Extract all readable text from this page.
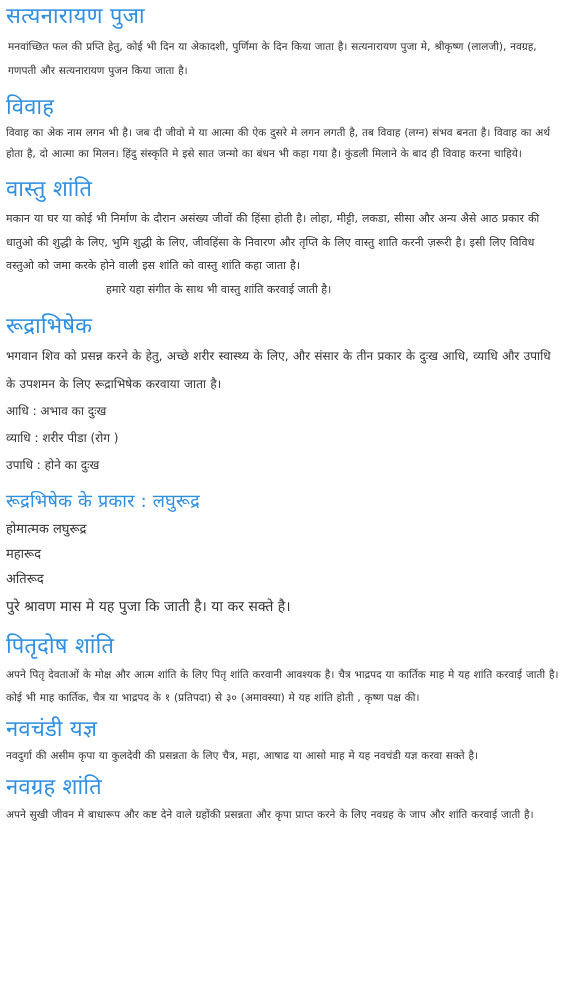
सत्यनारायण पुजा

मनवांच्छित फल की प्रप्ति हेतु, कोई भी दिन या अेकादशी, पुर्णिमा के दिन किया जाता है। सत्यनारायण पुजा मे, श्रीकृष्ण (लालजी), नवग्रह, गणपती और सत्यनारायण पुजन किया जाता है।

विवाह

विवाह का अेक नाम लगन भी है। जब दी जीवो मे या आत्मा की ऐक दुसरे मे लगन लगती है, तब विवाह (लग्न) संभव बनता है। विवाह का अर्थ होता है, दो आत्मा का मिलन। हिंदु संस्कृति मे इसे सात जन्मो का बंधन भी कहा गया है। कुंडली मिलाने के बाद ही विवाह करना चाहिये।

वास्तु शांति

मकान या घर या कोई भी निर्माण के दौरान असंख्य जीवों की हिंसा होती है। लोहा, मीट्टी, लकडा, सीसा और अन्य अैसे आठ प्रकार की धातुओ की शुद्धी के लिए, भुमि शुद्धी के लिए, जीवहिंसा के निवारण और तृप्ति के लिए वास्तु शाति करनी ज़रूरी है। इसी लिए विविध वस्तुओ को जमा करके होने वाली इस शांति को वास्तु शांति कहा जाता है।

हमारे यहा संगीत के साथ भी वास्तु शांति करवाई जाती है।

रूद्राभिषेक

भगवान शिव को प्रसन्न करने के हेतु, अच्छे शरीर स्वास्थ्य के लिए, और संसार के तीन प्रकार के दुःख आधि, व्याधि और उपाधि के उपशमन के लिए रूद्राभिषेक करवाया जाता है।

आधि : अभाव का दुःख

व्याधि : शरीर पीडा (रोग )

उपाधि : होने का दुःख

रूद्रभिषेक के प्रकार : लघुरूद्र

होमात्मक लघुरूद्र

महारूद

अतिरूद

पुरे श्रावण मास मे यह पुजा कि जाती है। या कर सक्ते है।

पितृदोष शांति

अपने पितृ देवताओं के मोक्ष और आत्म शांति के लिए पितृ शांति करवानी आवश्यक है। चैत्र भाद्रपद या कार्तिक माह मे यह शांति करवाई जाती है। कोई भी माह कार्तिक, चैत्र या भाद्रपद के १ (प्रतिपदा) से ३० (अमावस्या) मे यह शांति होती , कृष्ण पक्ष की।

नवचंडी यज्ञ

नवदुर्गा की असीम कृपा या कुलदेवी की प्रसन्नता के लिए चैत्र, महा, आषाढ या आसो माह मे यह नवचंडी यज्ञ करवा सक्ते है।

नवग्रह शांति

अपने सुखी जीवन मे बाधारूप और कष्ट देने वाले ग्रहोंकी प्रसन्नता और कृपा प्राप्त करने के लिए नवग्रह के जाप और शांति करवाई जाती है।
